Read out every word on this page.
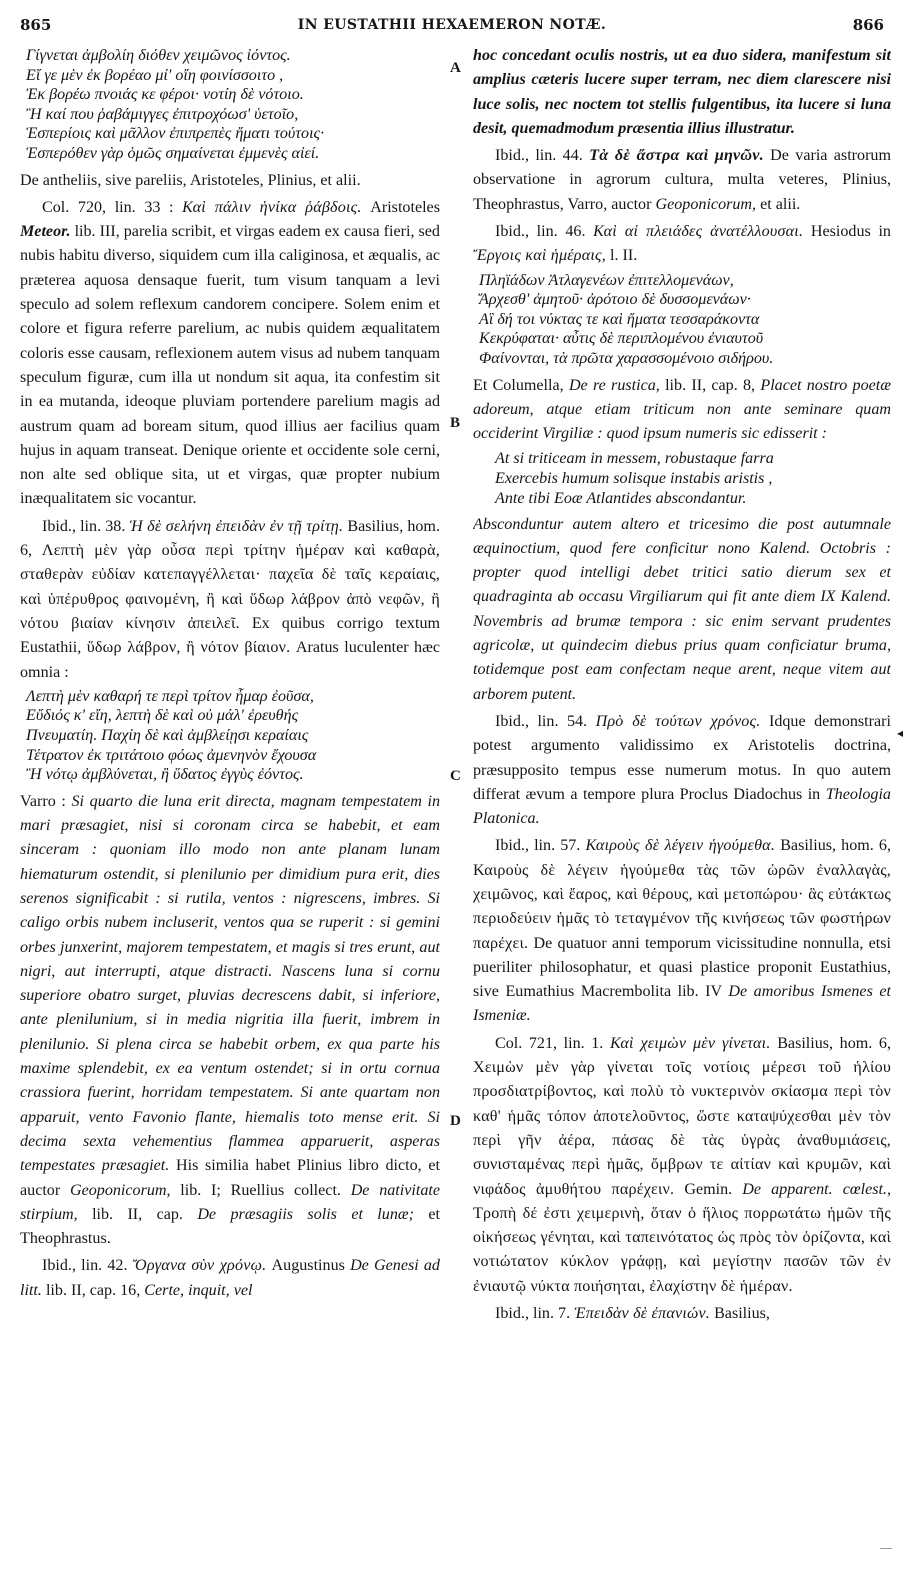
865	IN EUSTATHII HEXAEMERON NOTÆ.	866
A
B
C
D
Γίγνεται ἀμβολίη διόθεν χειμῶνος ἰόντος.
Εἴ γε μὲν ἐκ βορέαο μί' οἴη φοινίσσοιτο ,
Ἐκ βορέω πνοιάς κε φέροι· νοτίη δὲ νότοιο.
Ἢ καί που ῥαβάμιγγες ἐπιτροχόωσ' ὑετοῖο,
Ἑσπερίοις καὶ μᾶλλον ἐπιπρεπὲς ἤματι τούτοις·
Ἑσπερόθεν γὰρ ὁμῶς σημαίνεται ἐμμενὲς αἰεί.

De antheliis, sive pareliis, Aristoteles, Plinius, et alii.

Col. 720, lin. 33 : Καὶ πάλιν ἡνίκα ῥάβδοις. Aristoteles Meteor. lib. III, parelia scribit, et virgas eadem ex causa fieri, sed nubis habitu diverso, siquidem cum illa caliginosa, et æqualis, ac præterea aquosa densaque fuerit, tum visum tanquam a levi speculo ad solem reflexum candorem concipere. Solem enim et colore et figura referre parelium, ac nubis quidem æqualitatem coloris esse causam, reflexionem autem visus ad nubem tanquam speculum figuræ, cum illa ut nondum sit aqua, ita confestim sit in ea mutanda, ideoque pluviam portendere parelium magis ad austrum quam ad boream situm, quod illius aer facilius quam hujus in aquam transeat. Denique oriente et occidente sole cerni, non alte sed oblique sita, ut et virgas, quæ propter nubium inæqualitatem sic vocantur.

Ibid., lin. 38. Ἡ δὲ σελήνη ἐπειδὰν ἐν τῇ τρίτῃ. Basilius, hom. 6, Λεπτὴ μὲν γὰρ οὖσα περὶ τρίτην ἡμέραν καὶ καθαρὰ, σταθερὰν εὐδίαν κατεπαγγέλλεται· παχεῖα δὲ ταῖς κεραίαις, καὶ ὑπέρυθρος φαινομένη, ἢ καὶ ὕδωρ λάβρον ἀπὸ νεφῶν, ἢ νότου βιαίαν κίνησιν ἀπειλεῖ. Ex quibus corrigo textum Eustathii, ὕδωρ λάβρον, ἢ νότον βίαιον. Aratus luculenter hæc omnia :

Λεπτὴ μὲν καθαρή τε περὶ τρίτον ἦμαρ ἐοῦσα,
Εὔδιός κ' εἴη, λεπτὴ δὲ καὶ οὐ μάλ' ἐρευθής
Πνευματίη. Παχίη δὲ καὶ ἀμβλείῃσι κεραίαις
Τέτρατον ἐκ τριτάτοιο φόως ἀμενηνὸν ἔχουσα
Ἢ νότῳ ἀμβλύνεται, ἢ ὕδατος ἐγγὺς ἐόντος.

Varro : Si quarto die luna erit directa, magnam tempestatem in mari præsagiet, nisi si coronam circa se habebit, et eam sinceram : quoniam illo modo non ante planam lunam hiematurum ostendit, si plenilunio per dimidium pura erit, dies serenos significabit : si rutila, ventos : nigrescens, imbres. Si caligo orbis nubem incluserit, ventos qua se ruperit : si gemini orbes junxerint, majorem tempestatem, et magis si tres erunt, aut nigri, aut interrupti, atque distracti. Nascens luna si cornu superiore obatro surget, pluvias decrescens dabit, si inferiore, ante plenilunium, si in media nigritia illa fuerit, imbrem in plenilunio. Si plena circa se habebit orbem, ex qua parte his maxime splendebit, ex ea ventum ostendet; si in ortu cornua crassiora fuerint, horridam tempestatem. Si ante quartam non apparuit, vento Favonio flante, hiemalis toto mense erit. Si decima sexta vehementius flammea apparuerit, asperas tempestates præsagiet. His similia habet Plinius libro dicto, et auctor Geoponicorum, lib. I; Ruellius collect. De nativitate stirpium, lib. II, cap. De præsagiis solis et lunæ; et Theophrastus.

Ibid., lin. 42. Ὄργανα σὺν χρόνῳ. Augustinus De Genesi ad litt. lib. II, cap. 16, Certe, inquit, vel

hoc concedant oculis nostris, ut ea duo sidera, manifestum sit amplius cæteris lucere super terram, nec diem clarescere nisi luce solis, nec noctem tot stellis fulgentibus, ita lucere si luna desit, quemadmodum præsentia illius illustratur.

Ibid., lin. 44. Τὰ δὲ ἄστρα καὶ μηνῶν. De varia astrorum observatione in agrorum cultura, multa veteres, Plinius, Theophrastus, Varro, auctor Geoponicorum, et alii.

Ibid., lin. 46. Καὶ αἱ πλειάδες ἀνατέλλουσαι. Hesiodus in Ἔργοις καὶ ἡμέραις, l. II.

Πληϊάδων Ἀτλαγενέων ἐπιτελλομενάων,
Ἄρχεσθ' ἀμητοῦ· ἀρότοιο δὲ δυσσομενάων·
Αἳ δή τοι νύκτας τε καὶ ἤματα τεσσαράκοντα
Κεκρύφαται· αὖτις δὲ περιπλομένου ἐνιαυτοῦ
Φαίνονται, τὰ πρῶτα χαρασσομένοιο σιδήρου.

Et Columella, De re rustica, lib. II, cap. 8, Placet nostro poetæ adoreum, atque etiam triticum non ante seminare quam occiderint Virgiliæ : quod ipsum numeris sic edisserit :

At si triticeam in messem, robustaque farra
Exercebis humum solisque instabis aristis ,
Ante tibi Eoæ Atlantides abscondantur.

Absconduntur autem altero et tricesimo die post autumnale æquinoctium, quod fere conficitur nono Kalend. Octobris : propter quod intelligi debet tritici satio dierum sex et quadraginta ab occasu Virgiliarum qui fit ante diem IX Kalend. Novembris ad brumæ tempora : sic enim servant prudentes agricolæ, ut quindecim diebus prius quam conficiatur bruma, totidemque post eam confectam neque arent, neque vitem aut arborem putent.

Ibid., lin. 54. Πρὸ δὲ τούτων χρόνος. Idque demonstrari potest argumento validissimo ex Aristotelis doctrina, præsupposito tempus esse numerum motus. In quo autem differat ævum a tempore plura Proclus Diadochus in Theologia Platonica.

Ibid., lin. 57. Καιροὺς δὲ λέγειν ἡγούμεθα. Basilius, hom. 6, Καιροὺς δὲ λέγειν ἡγούμεθα τὰς τῶν ὡρῶν ἐναλλαγὰς, χειμῶνος, καὶ ἔαρος, καὶ θέρους, καὶ μετοπώρου· ἃς εὐτάκτως περιοδεύειν ἡμᾶς τὸ τεταγμένον τῆς κινήσεως τῶν φωστήρων παρέχει. De quatuor anni temporum vicissitudine nonnulla, etsi pueriliter philosophatur, et quasi plastice proponit Eustathius, sive Eumathius Macrembolita lib. IV De amoribus Ismenes et Ismeniæ.

Col. 721, lin. 1. Καὶ χειμὼν μὲν γίνεται. Basilius, hom. 6, Χειμὼν μὲν γὰρ γίνεται τοῖς νοτίοις μέρεσι τοῦ ἡλίου προσδιατρίβοντος, καὶ πολὺ τὸ νυκτερινὸν σκίασμα περὶ τὸν καθ' ἡμᾶς τόπον ἀποτελοῦντος, ὥστε καταψύχεσθαι μὲν τὸν περὶ γῆν ἀέρα, πάσας δὲ τὰς ὑγρὰς ἀναθυμιάσεις, συνισταμένας περὶ ἡμᾶς, ὄμβρων τε αἰτίαν καὶ κρυμῶν, καὶ νιφάδος ἀμυθήτου παρέχειν. Gemin. De apparent. cœlest., Τροπὴ δέ ἐστι χειμερινὴ, ὅταν ὁ ἥλιος πορρωτάτω ἡμῶν τῆς οἰκήσεως γένηται, καὶ ταπεινότατος ὡς πρὸς τὸν ὁρίζοντα, καὶ νοτιώτατον κύκλον γράφῃ, καὶ μεγίστην πασῶν τῶν ἐν ἐνιαυτῷ νύκτα ποιήσηται, ἐλαχίστην δὲ ἡμέραν.

Ibid., lin. 7. Ἐπειδὰν δὲ ἐπανιών. Basilius,

◂
—
